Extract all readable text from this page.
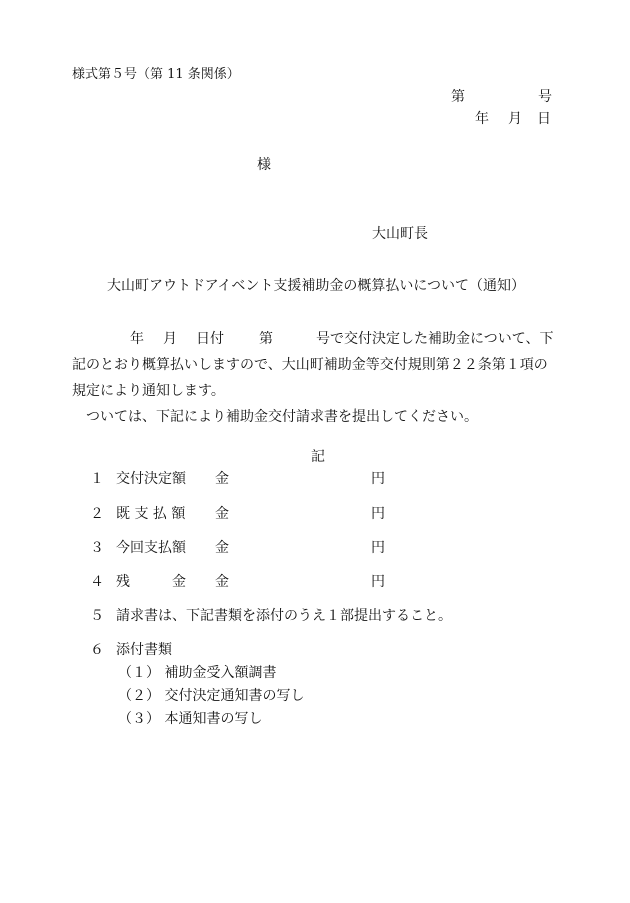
様式第５号（第 11 条関係）
第	号
年 月 日
様
大山町長
大山町アウトドアイベント支援補助金の概算払いについて（通知）
年 月 日付	第	号で交付決定した補助金について、下

記のとおり概算払いしますので、大山町補助金等交付規則第２２条第１項の

規定により通知します。

　ついては、下記により補助金交付請求書を提出してください。

記
１ 交付決定額 金	円
２ 既 支 払 額 金	円
３ 今回支払額 金	円
４ 残　　　金 金	円
５ 請求書は、下記書類を添付のうえ１部提出すること。
６ 添付書類
（１） 補助金受入額調書
（２） 交付決定通知書の写し
（３） 本通知書の写し
